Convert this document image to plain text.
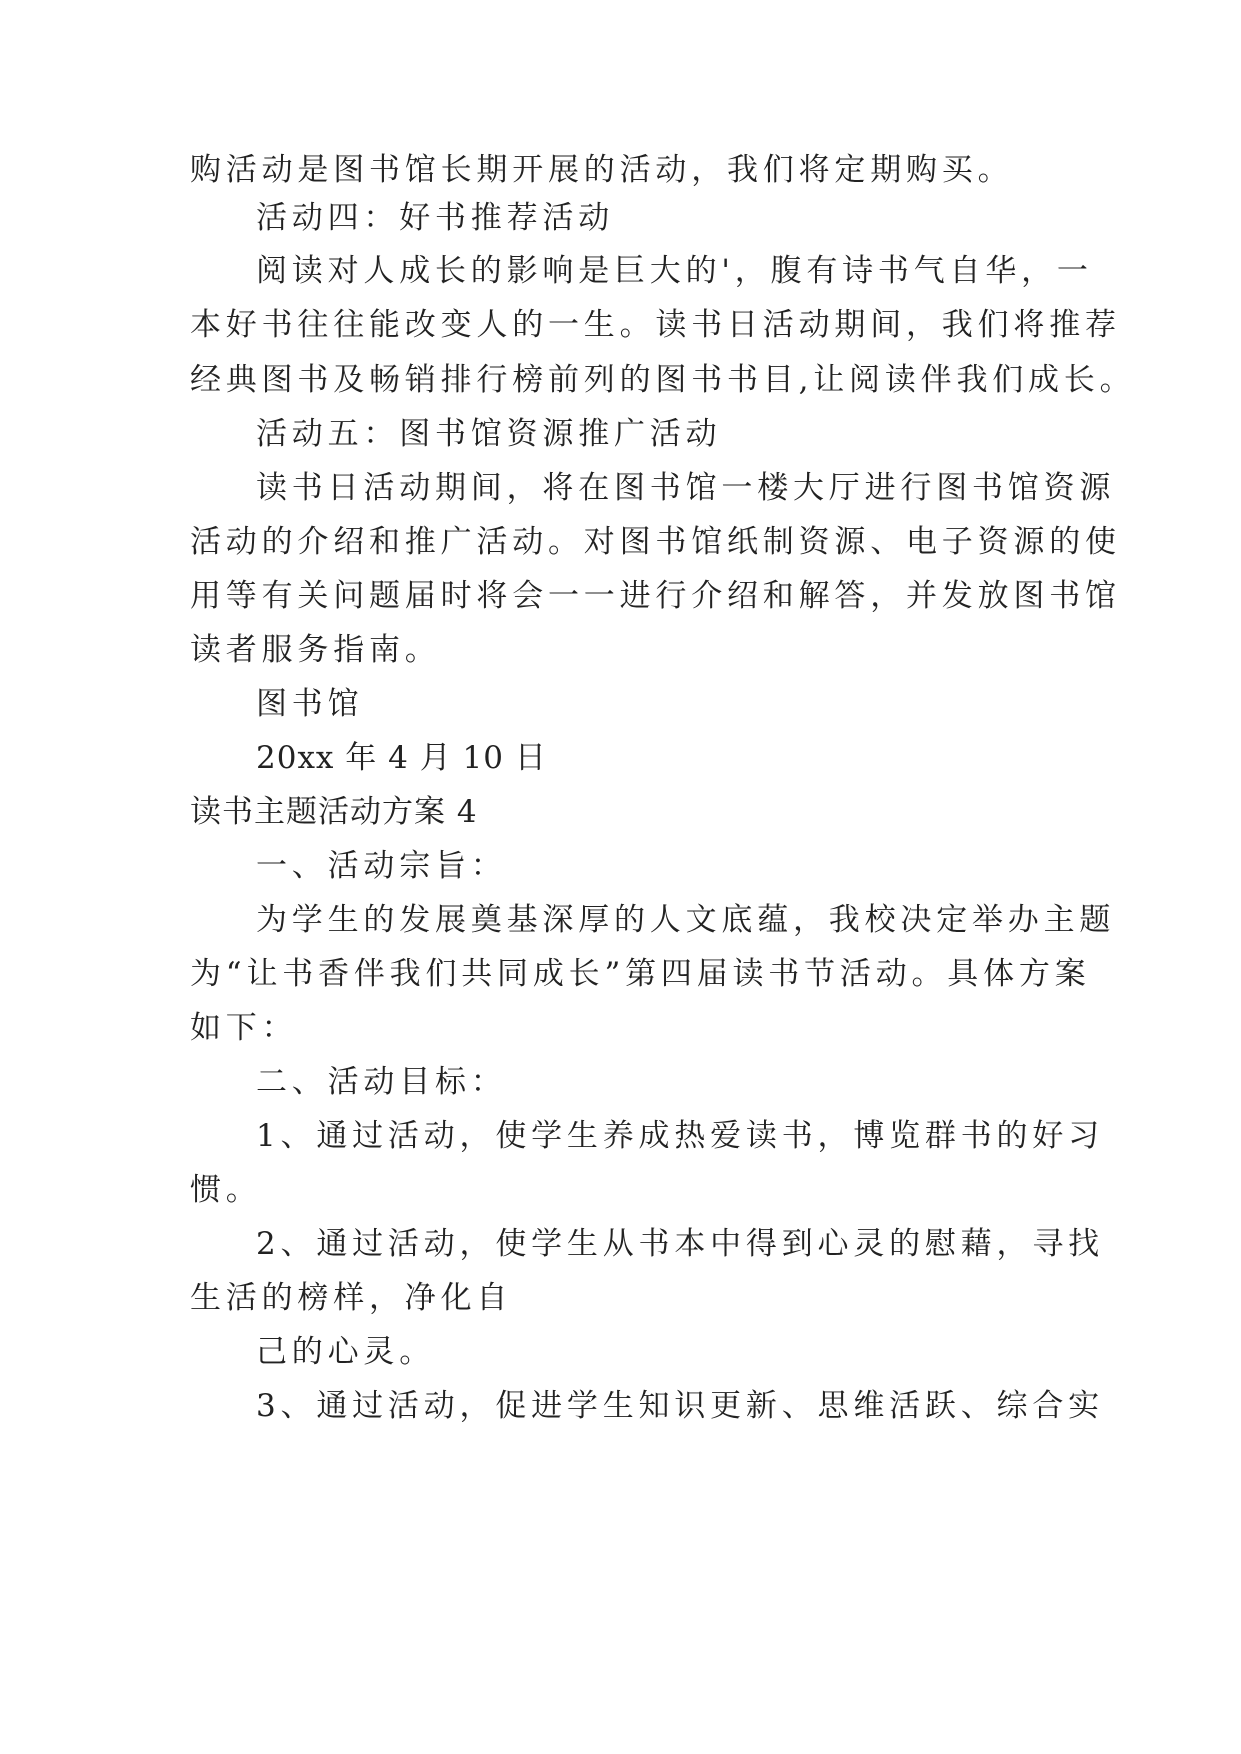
购活动是图书馆长期开展的活动，我们将定期购买。
活动四：好书推荐活动
阅读对人成长的影响是巨大的'，腹有诗书气自华，一
本好书往往能改变人的一生。读书日活动期间，我们将推荐
经典图书及畅销排行榜前列的图书书目,让阅读伴我们成长。
活动五：图书馆资源推广活动
读书日活动期间，将在图书馆一楼大厅进行图书馆资源
活动的介绍和推广活动。对图书馆纸制资源、电子资源的使
用等有关问题届时将会一一进行介绍和解答，并发放图书馆
读者服务指南。
图书馆
20xx 年 4 月 10 日
读书主题活动方案 4
一、活动宗旨：
为学生的发展奠基深厚的人文底蕴，我校决定举办主题
为“让书香伴我们共同成长”第四届读书节活动。具体方案
如下：
二、活动目标：
1、通过活动，使学生养成热爱读书，博览群书的好习
惯。
2、通过活动，使学生从书本中得到心灵的慰藉，寻找
生活的榜样，净化自
己的心灵。
3、通过活动，促进学生知识更新、思维活跃、综合实
